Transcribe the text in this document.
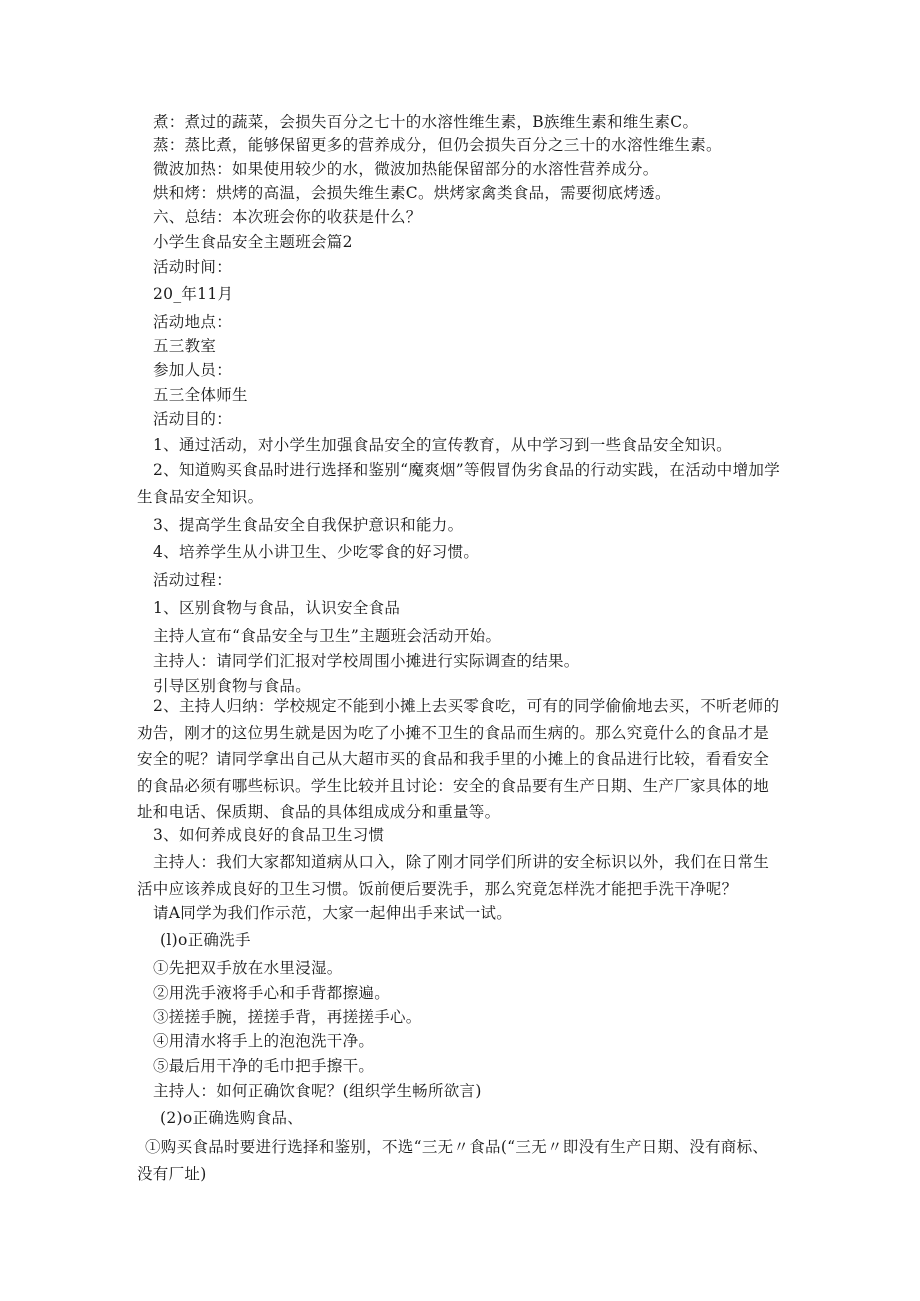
煮：煮过的蔬菜，会损失百分之七十的水溶性维生素，B族维生素和维生素C。
蒸：蒸比煮，能够保留更多的营养成分，但仍会损失百分之三十的水溶性维生素。
微波加热：如果使用较少的水，微波加热能保留部分的水溶性营养成分。
烘和烤：烘烤的高温，会损失维生素C。烘烤家禽类食品，需要彻底烤透。
六、总结：本次班会你的收获是什么？
小学生食品安全主题班会篇2
活动时间：
20_年11月
活动地点：
五三教室
参加人员：
五三全体师生
活动目的：
1、通过活动，对小学生加强食品安全的宣传教育，从中学习到一些食品安全知识。
2、知道购买食品时进行选择和鉴别“魔爽烟”等假冒伪劣食品的行动实践，在活动中增加学生食品安全知识。
3、提高学生食品安全自我保护意识和能力。
4、培养学生从小讲卫生、少吃零食的好习惯。
活动过程：
1、区别食物与食品，认识安全食品
主持人宣布“食品安全与卫生”主题班会活动开始。
主持人：请同学们汇报对学校周围小摊进行实际调查的结果。
引导区别食物与食品。
2、主持人归纳：学校规定不能到小摊上去买零食吃，可有的同学偷偷地去买，不听老师的劝告，刚才的这位男生就是因为吃了小摊不卫生的食品而生病的。那么究竟什么的食品才是安全的呢？请同学拿出自己从大超市买的食品和我手里的小摊上的食品进行比较，看看安全的食品必须有哪些标识。学生比较并且讨论：安全的食品要有生产日期、生产厂家具体的地址和电话、保质期、食品的具体组成成分和重量等。
3、如何养成良好的食品卫生习惯
主持人：我们大家都知道病从口入，除了刚才同学们所讲的安全标识以外，我们在日常生活中应该养成良好的卫生习惯。饭前便后要洗手，那么究竟怎样洗才能把手洗干净呢？
请A同学为我们作示范，大家一起伸出手来试一试。
(l)o正确洗手
①先把双手放在水里浸湿。
②用洗手液将手心和手背都擦遍。
③搓搓手腕，搓搓手背，再搓搓手心。
④用清水将手上的泡泡洗干净。
⑤最后用干净的毛巾把手擦干。
主持人：如何正确饮食呢？(组织学生畅所欲言)
(2)o正确选购食品、
①购买食品时要进行选择和鉴别，不选“三无〃食品(“三无〃即没有生产日期、没有商标、没有厂址)
